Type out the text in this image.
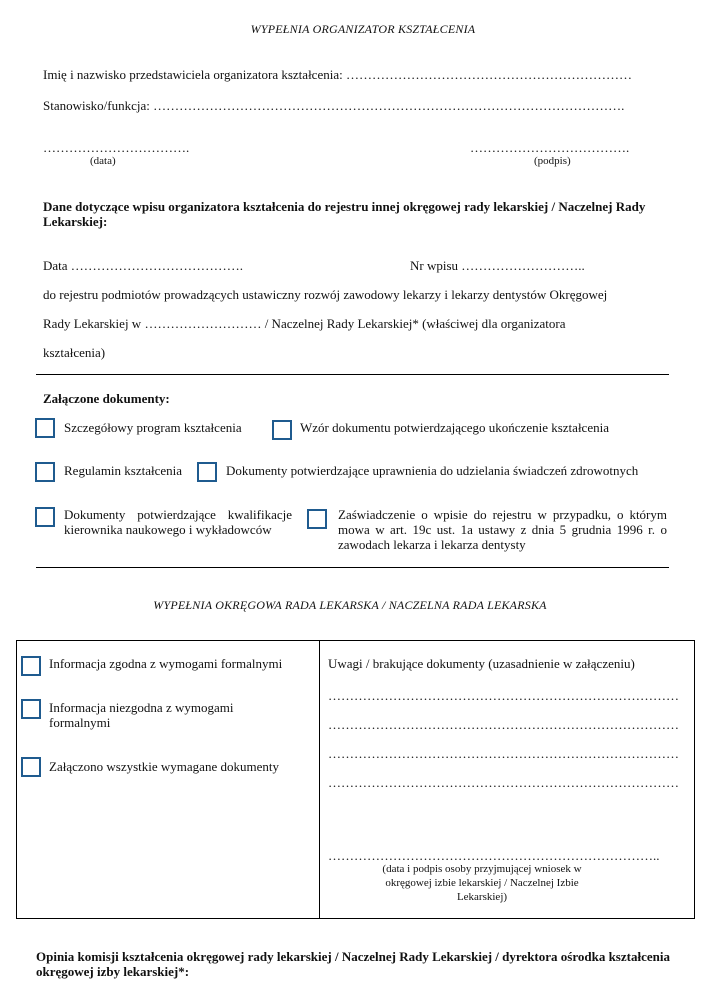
WYPEŁNIA ORGANIZATOR KSZTAŁCENIA
Imię i nazwisko przedstawiciela organizatora kształcenia: …………………………………………………………
Stanowisko/funkcja: ……………………………………………………………………………………………….
…………………………….
(data)
……………………………….
(podpis)
Dane dotyczące wpisu organizatora kształcenia do rejestru innej okręgowej rady lekarskiej / Naczelnej Rady Lekarskiej:
Data ………………………………….	Nr wpisu ………………………..
do rejestru podmiotów prowadzących ustawiczny rozwój zawodowy lekarzy i lekarzy dentystów Okręgowej
Rady Lekarskiej w ……………………… / Naczelnej Rady Lekarskiej* (właściwej dla organizatora
kształcenia)
Załączone dokumenty:
Szczegółowy program kształcenia	Wzór dokumentu potwierdzającego ukończenie kształcenia
Regulamin kształcenia	Dokumenty potwierdzające uprawnienia do udzielania świadczeń zdrowotnych
Dokumenty potwierdzające kwalifikacje kierownika naukowego i wykładowców
Zaświadczenie o wpisie do rejestru w przypadku, o którym mowa w art. 19c ust. 1a ustawy z dnia 5 grudnia 1996 r. o zawodach lekarza i lekarza dentysty
WYPEŁNIA OKRĘGOWA RADA LEKARSKA / NACZELNA RADA LEKARSKA
Informacja zgodna z wymogami formalnymi
Informacja niezgodna z wymogami formalnymi
Załączono wszystkie wymagane dokumenty
Uwagi / brakujące dokumenty (uzasadnienie w załączeniu)
………………………………………………………………………
………………………………………………………………………
………………………………………………………………………
………………………………………………………………………
…………………………………………………………………..
(data i podpis osoby przyjmującej wniosek w okręgowej izbie lekarskiej / Naczelnej Izbie Lekarskiej)
Opinia komisji kształcenia okręgowej rady lekarskiej / Naczelnej Rady Lekarskiej / dyrektora ośrodka kształcenia okręgowej izby lekarskiej*:
